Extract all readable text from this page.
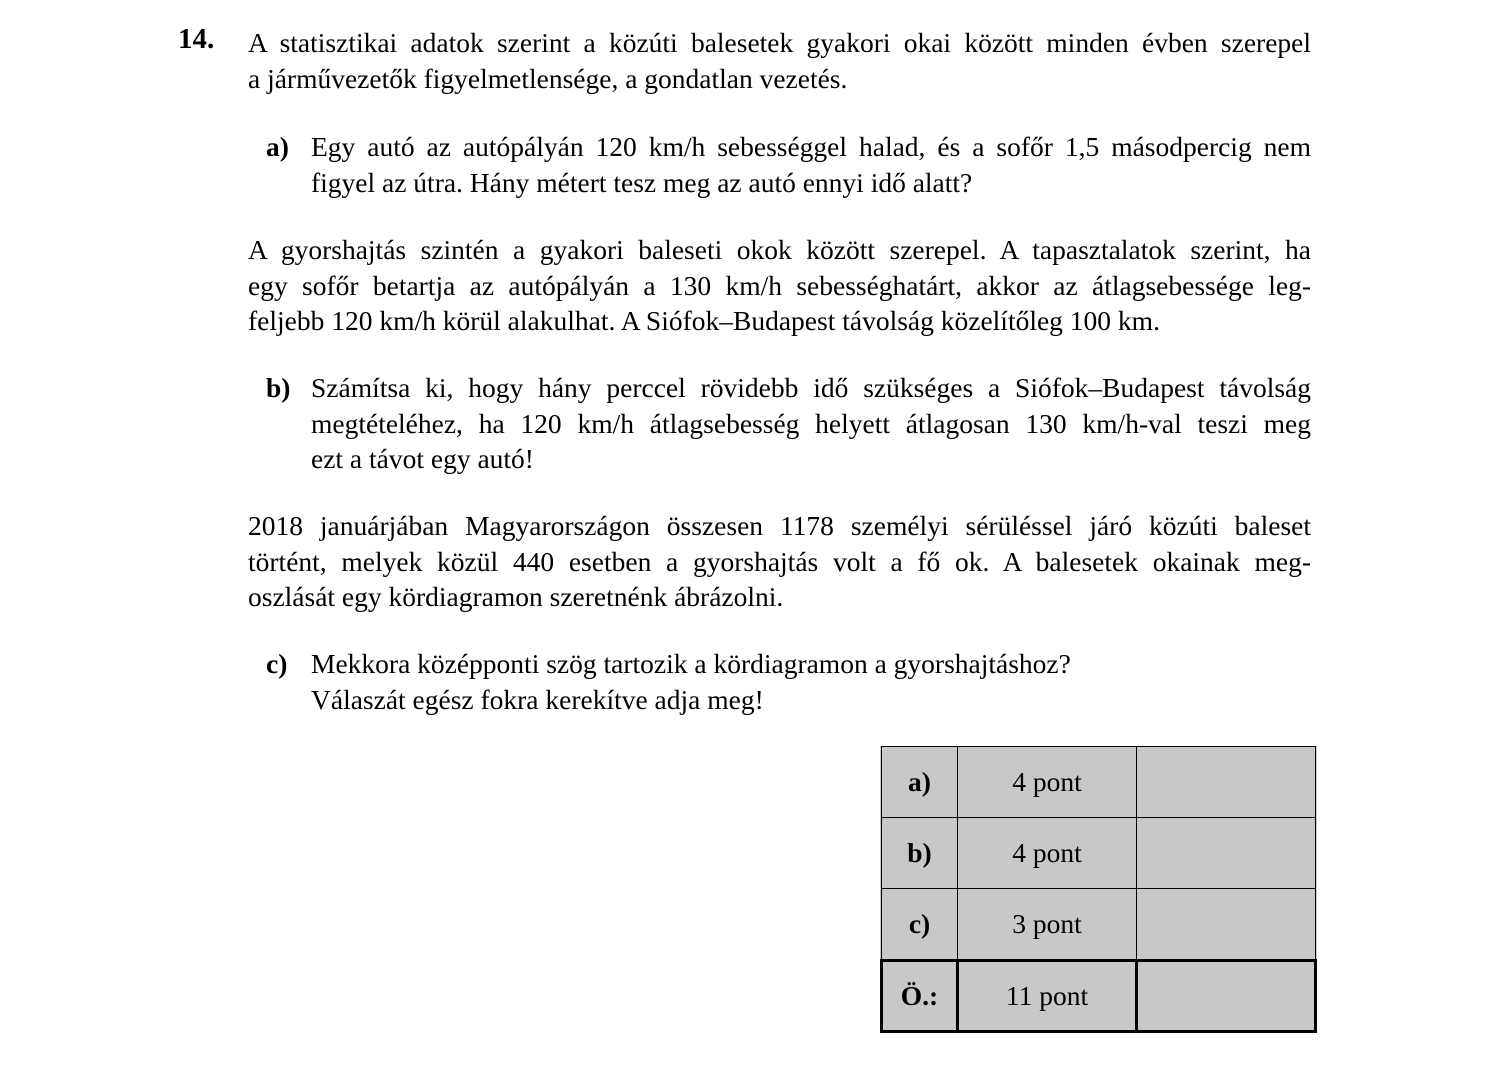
14. A statisztikai adatok szerint a közúti balesetek gyakori okai között minden évben szerepel
a járművezetők figyelmetlensége, a gondatlan vezetés.
a) Egy autó az autópályán 120 km/h sebességgel halad, és a sofőr 1,5 másodpercig nem
figyel az útra. Hány métert tesz meg az autó ennyi idő alatt?
A gyorshajtás szintén a gyakori baleseti okok között szerepel. A tapasztalatok szerint, ha
egy sofőr betartja az autópályán a 130 km/h sebességhatárt, akkor az átlagsebessége leg-
feljebb 120 km/h körül alakulhat. A Siófok–Budapest távolság közelítőleg 100 km.
b) Számítsa ki, hogy hány perccel rövidebb idő szükséges a Siófok–Budapest távolság
megtételéhez, ha 120 km/h átlagsebesség helyett átlagosan 130 km/h-val teszi meg
ezt a távot egy autó!
2018 januárjában Magyarországon összesen 1178 személyi sérüléssel járó közúti baleset
történt, melyek közül 440 esetben a gyorshajtás volt a fő ok. A balesetek okainak meg-
oszlását egy kördiagramon szeretnénk ábrázolni.
c) Mekkora középponti szög tartozik a kördiagramon a gyorshajtáshoz?
Válaszát egész fokra kerekítve adja meg!
a)	4 pont	
b)	4 pont	
c)	3 pont	
Ö.:	11 pont	
